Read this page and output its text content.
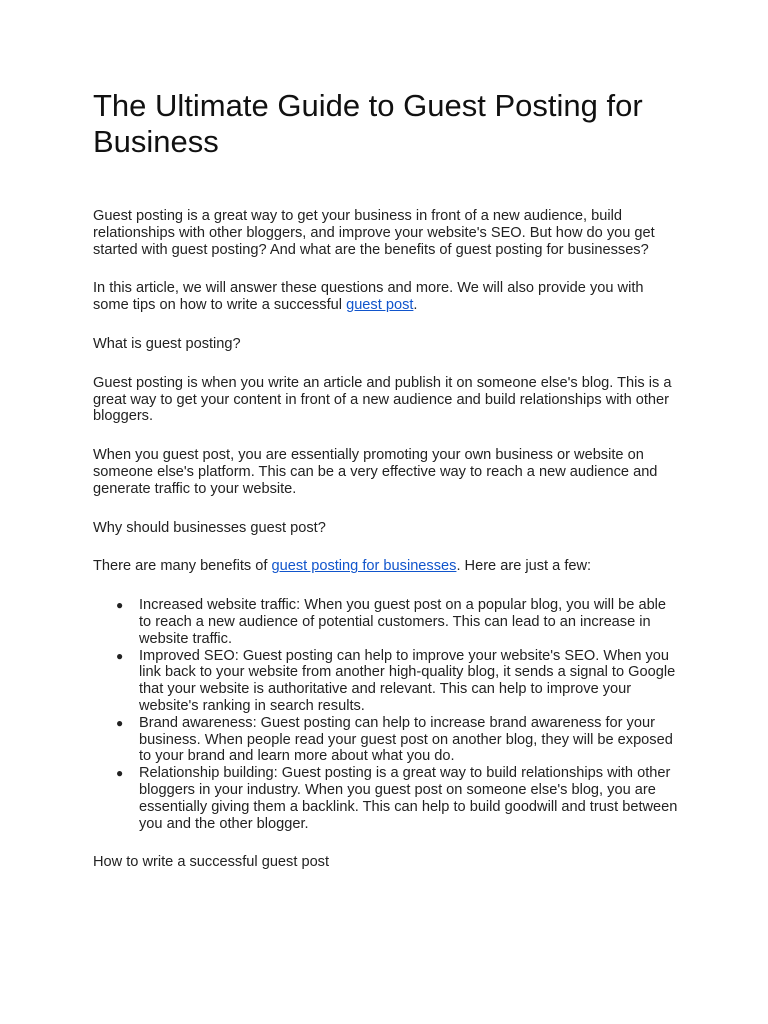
The Ultimate Guide to Guest Posting for Business

Guest posting is a great way to get your business in front of a new audience, build relationships with other bloggers, and improve your website's SEO. But how do you get started with guest posting? And what are the benefits of guest posting for businesses?

In this article, we will answer these questions and more. We will also provide you with some tips on how to write a successful guest post.

What is guest posting?

Guest posting is when you write an article and publish it on someone else's blog. This is a great way to get your content in front of a new audience and build relationships with other bloggers.

When you guest post, you are essentially promoting your own business or website on someone else's platform. This can be a very effective way to reach a new audience and generate traffic to your website.

Why should businesses guest post?

There are many benefits of guest posting for businesses. Here are just a few:

● Increased website traffic: When you guest post on a popular blog, you will be able to reach a new audience of potential customers. This can lead to an increase in website traffic.
● Improved SEO: Guest posting can help to improve your website's SEO. When you link back to your website from another high-quality blog, it sends a signal to Google that your website is authoritative and relevant. This can help to improve your website's ranking in search results.
● Brand awareness: Guest posting can help to increase brand awareness for your business. When people read your guest post on another blog, they will be exposed to your brand and learn more about what you do.
● Relationship building: Guest posting is a great way to build relationships with other bloggers in your industry. When you guest post on someone else's blog, you are essentially giving them a backlink. This can help to build goodwill and trust between you and the other blogger.

How to write a successful guest post
